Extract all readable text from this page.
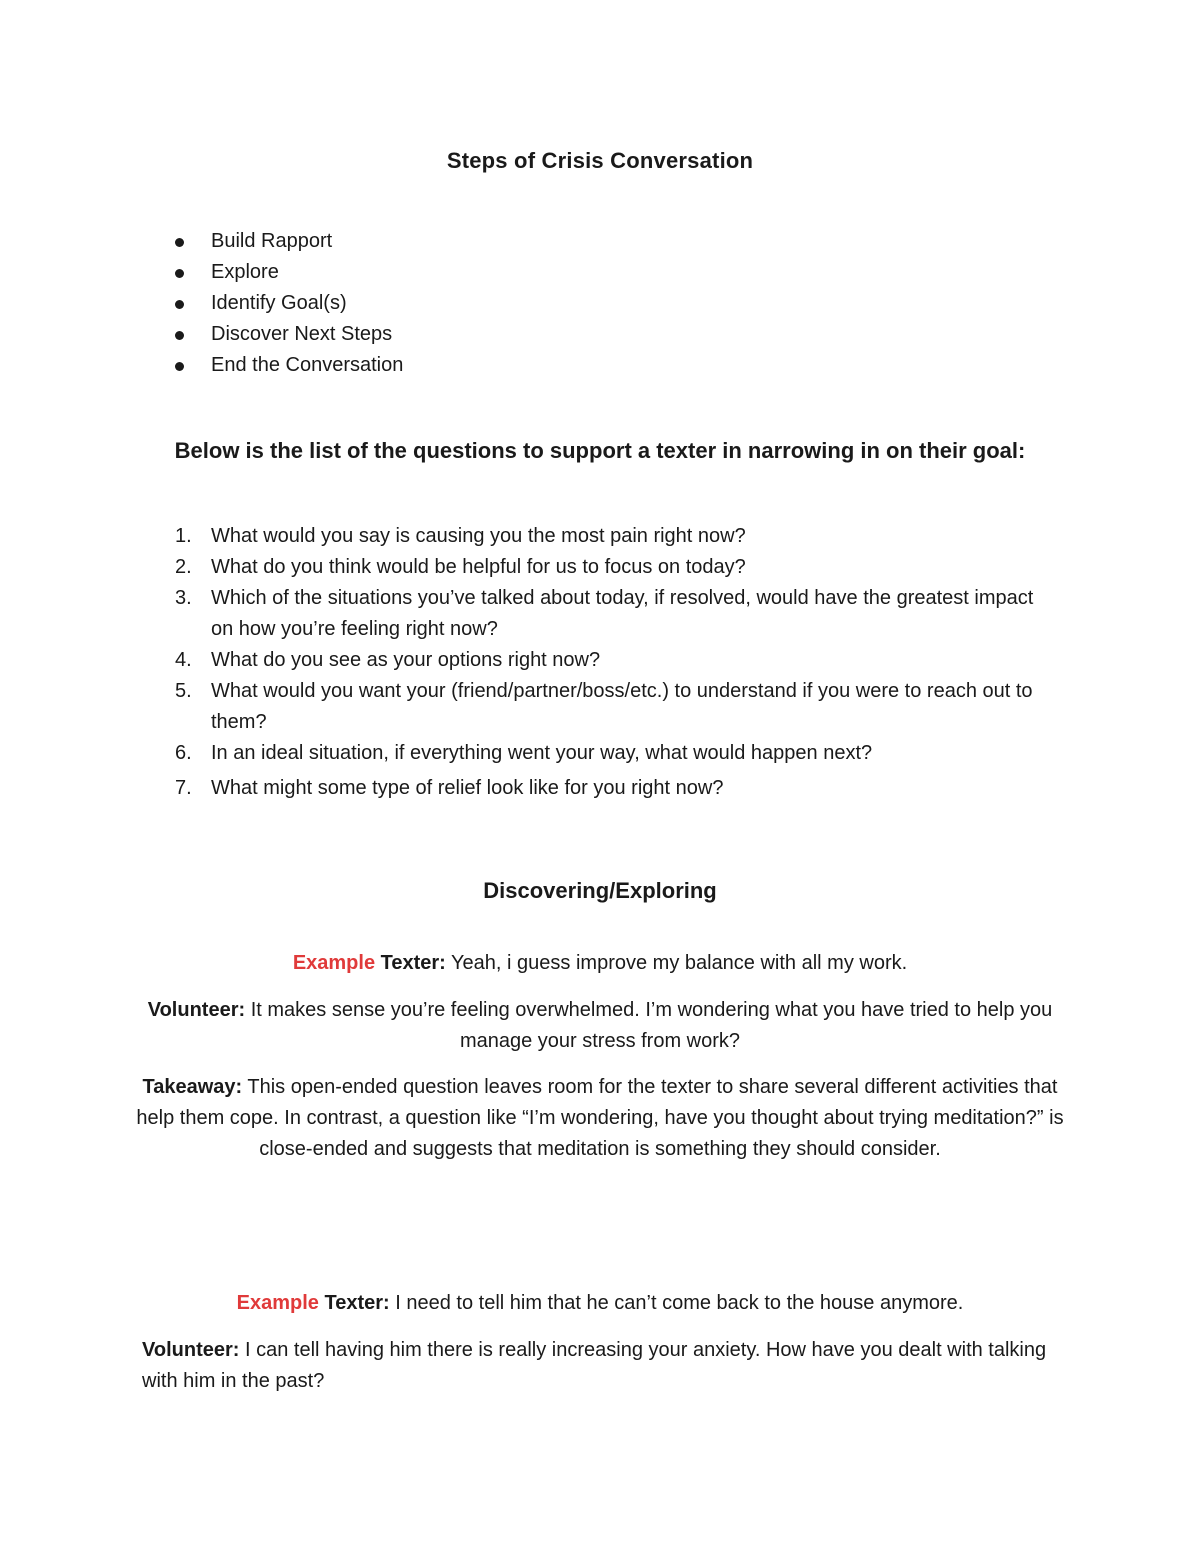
Steps of Crisis Conversation
Build Rapport
Explore
Identify Goal(s)
Discover Next Steps
End the Conversation
Below is the list of the questions to support a texter in narrowing in on their goal:
1. What would you say is causing you the most pain right now?
2. What do you think would be helpful for us to focus on today?
3. Which of the situations you’ve talked about today, if resolved, would have the greatest impact on how you’re feeling right now?
4. What do you see as your options right now?
5. What would you want your (friend/partner/boss/etc.) to understand if you were to reach out to them?
6. In an ideal situation, if everything went your way, what would happen next?
7. What might some type of relief look like for you right now?
Discovering/Exploring

Example Texter: Yeah, i guess improve my balance with all my work.

Volunteer: It makes sense you’re feeling overwhelmed. I’m wondering what you have tried to help you manage your stress from work?

Takeaway: This open-ended question leaves room for the texter to share several different activities that help them cope. In contrast, a question like “I’m wondering, have you thought about trying meditation?” is close-ended and suggests that meditation is something they should consider.

Example Texter: I need to tell him that he can’t come back to the house anymore.

Volunteer: I can tell having him there is really increasing your anxiety. How have you dealt with talking with him in the past?
